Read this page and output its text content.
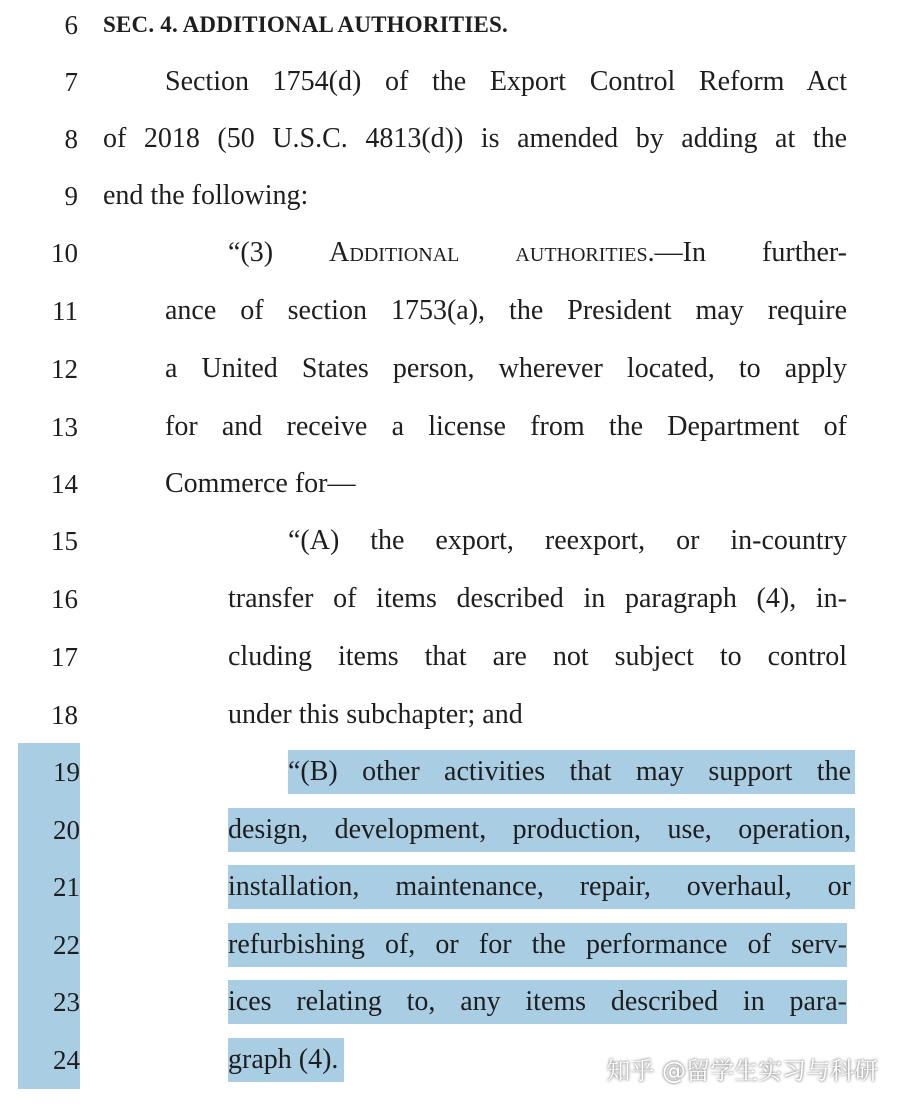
6 SEC. 4. ADDITIONAL AUTHORITIES.
7	Section 1754(d) of the Export Control Reform Act
8 of 2018 (50 U.S.C. 4813(d)) is amended by adding at the
9 end the following:
10	“(3) Additional authorities.—In further-
11	ance of section 1753(a), the President may require
12	a United States person, wherever located, to apply
13	for and receive a license from the Department of
14	Commerce for—
15	“(A) the export, reexport, or in-country
16	transfer of items described in paragraph (4), in-
17	cluding items that are not subject to control
18	under this subchapter; and
19	“(B) other activities that may support the
20	design, development, production, use, operation,
21	installation, maintenance, repair, overhaul, or
22	refurbishing of, or for the performance of serv-
23	ices relating to, any items described in para-
24	graph (4).	知乎 @留学生实习与科研
